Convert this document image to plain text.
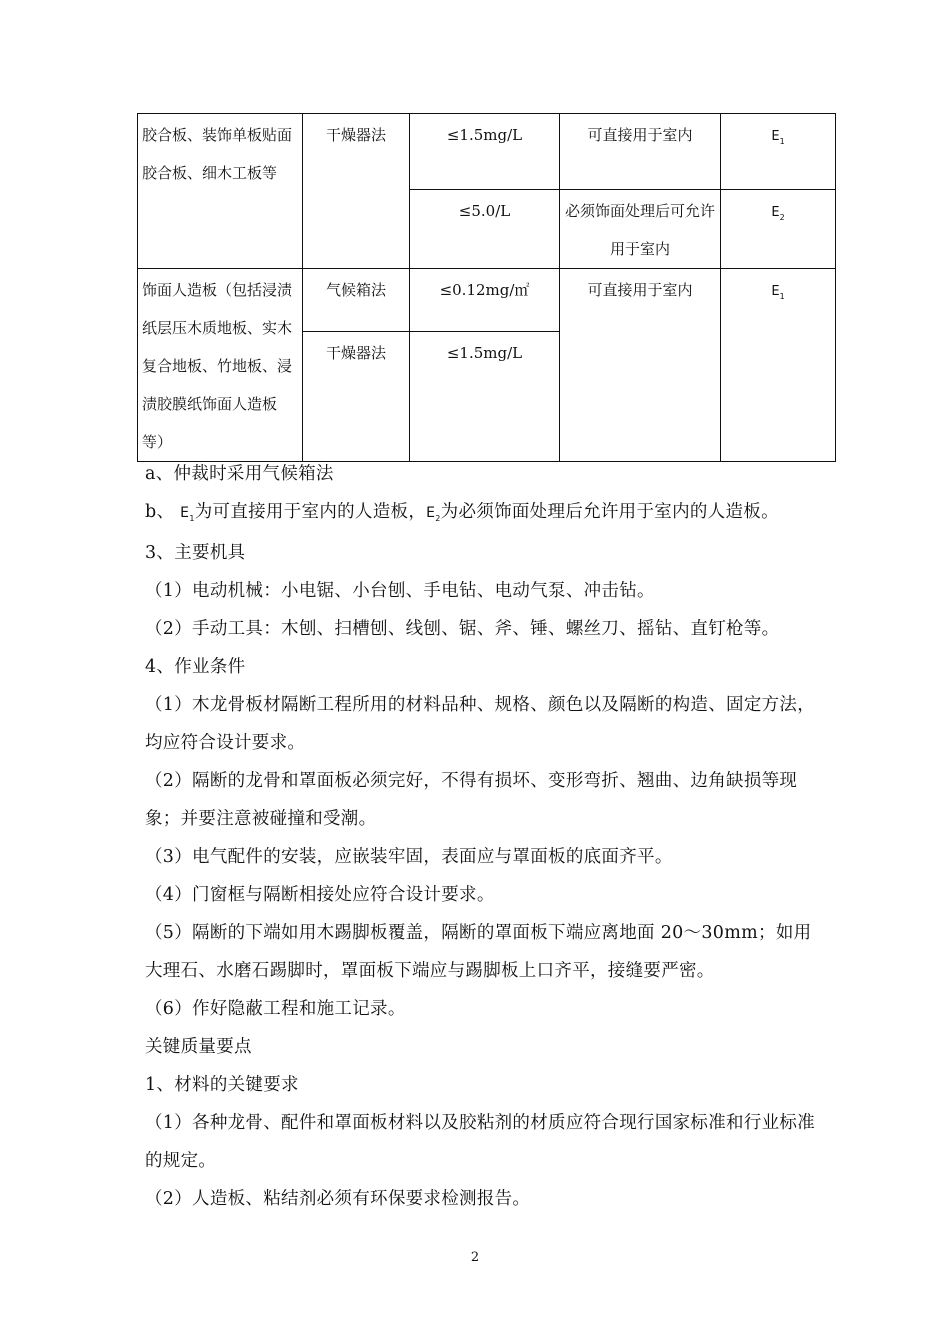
胶合板、装饰单板贴面胶合板、细木工板等	干燥器法	≤1.5mg/L	可直接用于室内	$E_1$
		≤5.0/L	必须饰面处理后可允许用于室内	$E_2$
饰面人造板（包括浸渍纸层压木质地板、实木复合地板、竹地板、浸渍胶膜纸饰面人造板等）	气候箱法	≤0.12mg/㎡	可直接用于室内	$E_1$
	干燥器法	≤1.5mg/L		

a、仲裁时采用气候箱法

b、 $E_1$为可直接用于室内的人造板，$E_2$为必须饰面处理后允许用于室内的人造板。

3、主要机具

（1）电动机械：小电锯、小台刨、手电钻、电动气泵、冲击钻。

（2）手动工具：木刨、扫槽刨、线刨、锯、斧、锤、螺丝刀、摇钻、直钉枪等。

4、作业条件

（1）木龙骨板材隔断工程所用的材料品种、规格、颜色以及隔断的构造、固定方法，均应符合设计要求。

（2）隔断的龙骨和罩面板必须完好，不得有损坏、变形弯折、翘曲、边角缺损等现象；并要注意被碰撞和受潮。

（3）电气配件的安装，应嵌装牢固，表面应与罩面板的底面齐平。

（4）门窗框与隔断相接处应符合设计要求。

（5）隔断的下端如用木踢脚板覆盖，隔断的罩面板下端应离地面 20～30mm；如用大理石、水磨石踢脚时，罩面板下端应与踢脚板上口齐平，接缝要严密。

（6）作好隐蔽工程和施工记录。

关键质量要点

1、材料的关键要求

（1）各种龙骨、配件和罩面板材料以及胶粘剂的材质应符合现行国家标准和行业标准的规定。

（2）人造板、粘结剂必须有环保要求检测报告。

2
